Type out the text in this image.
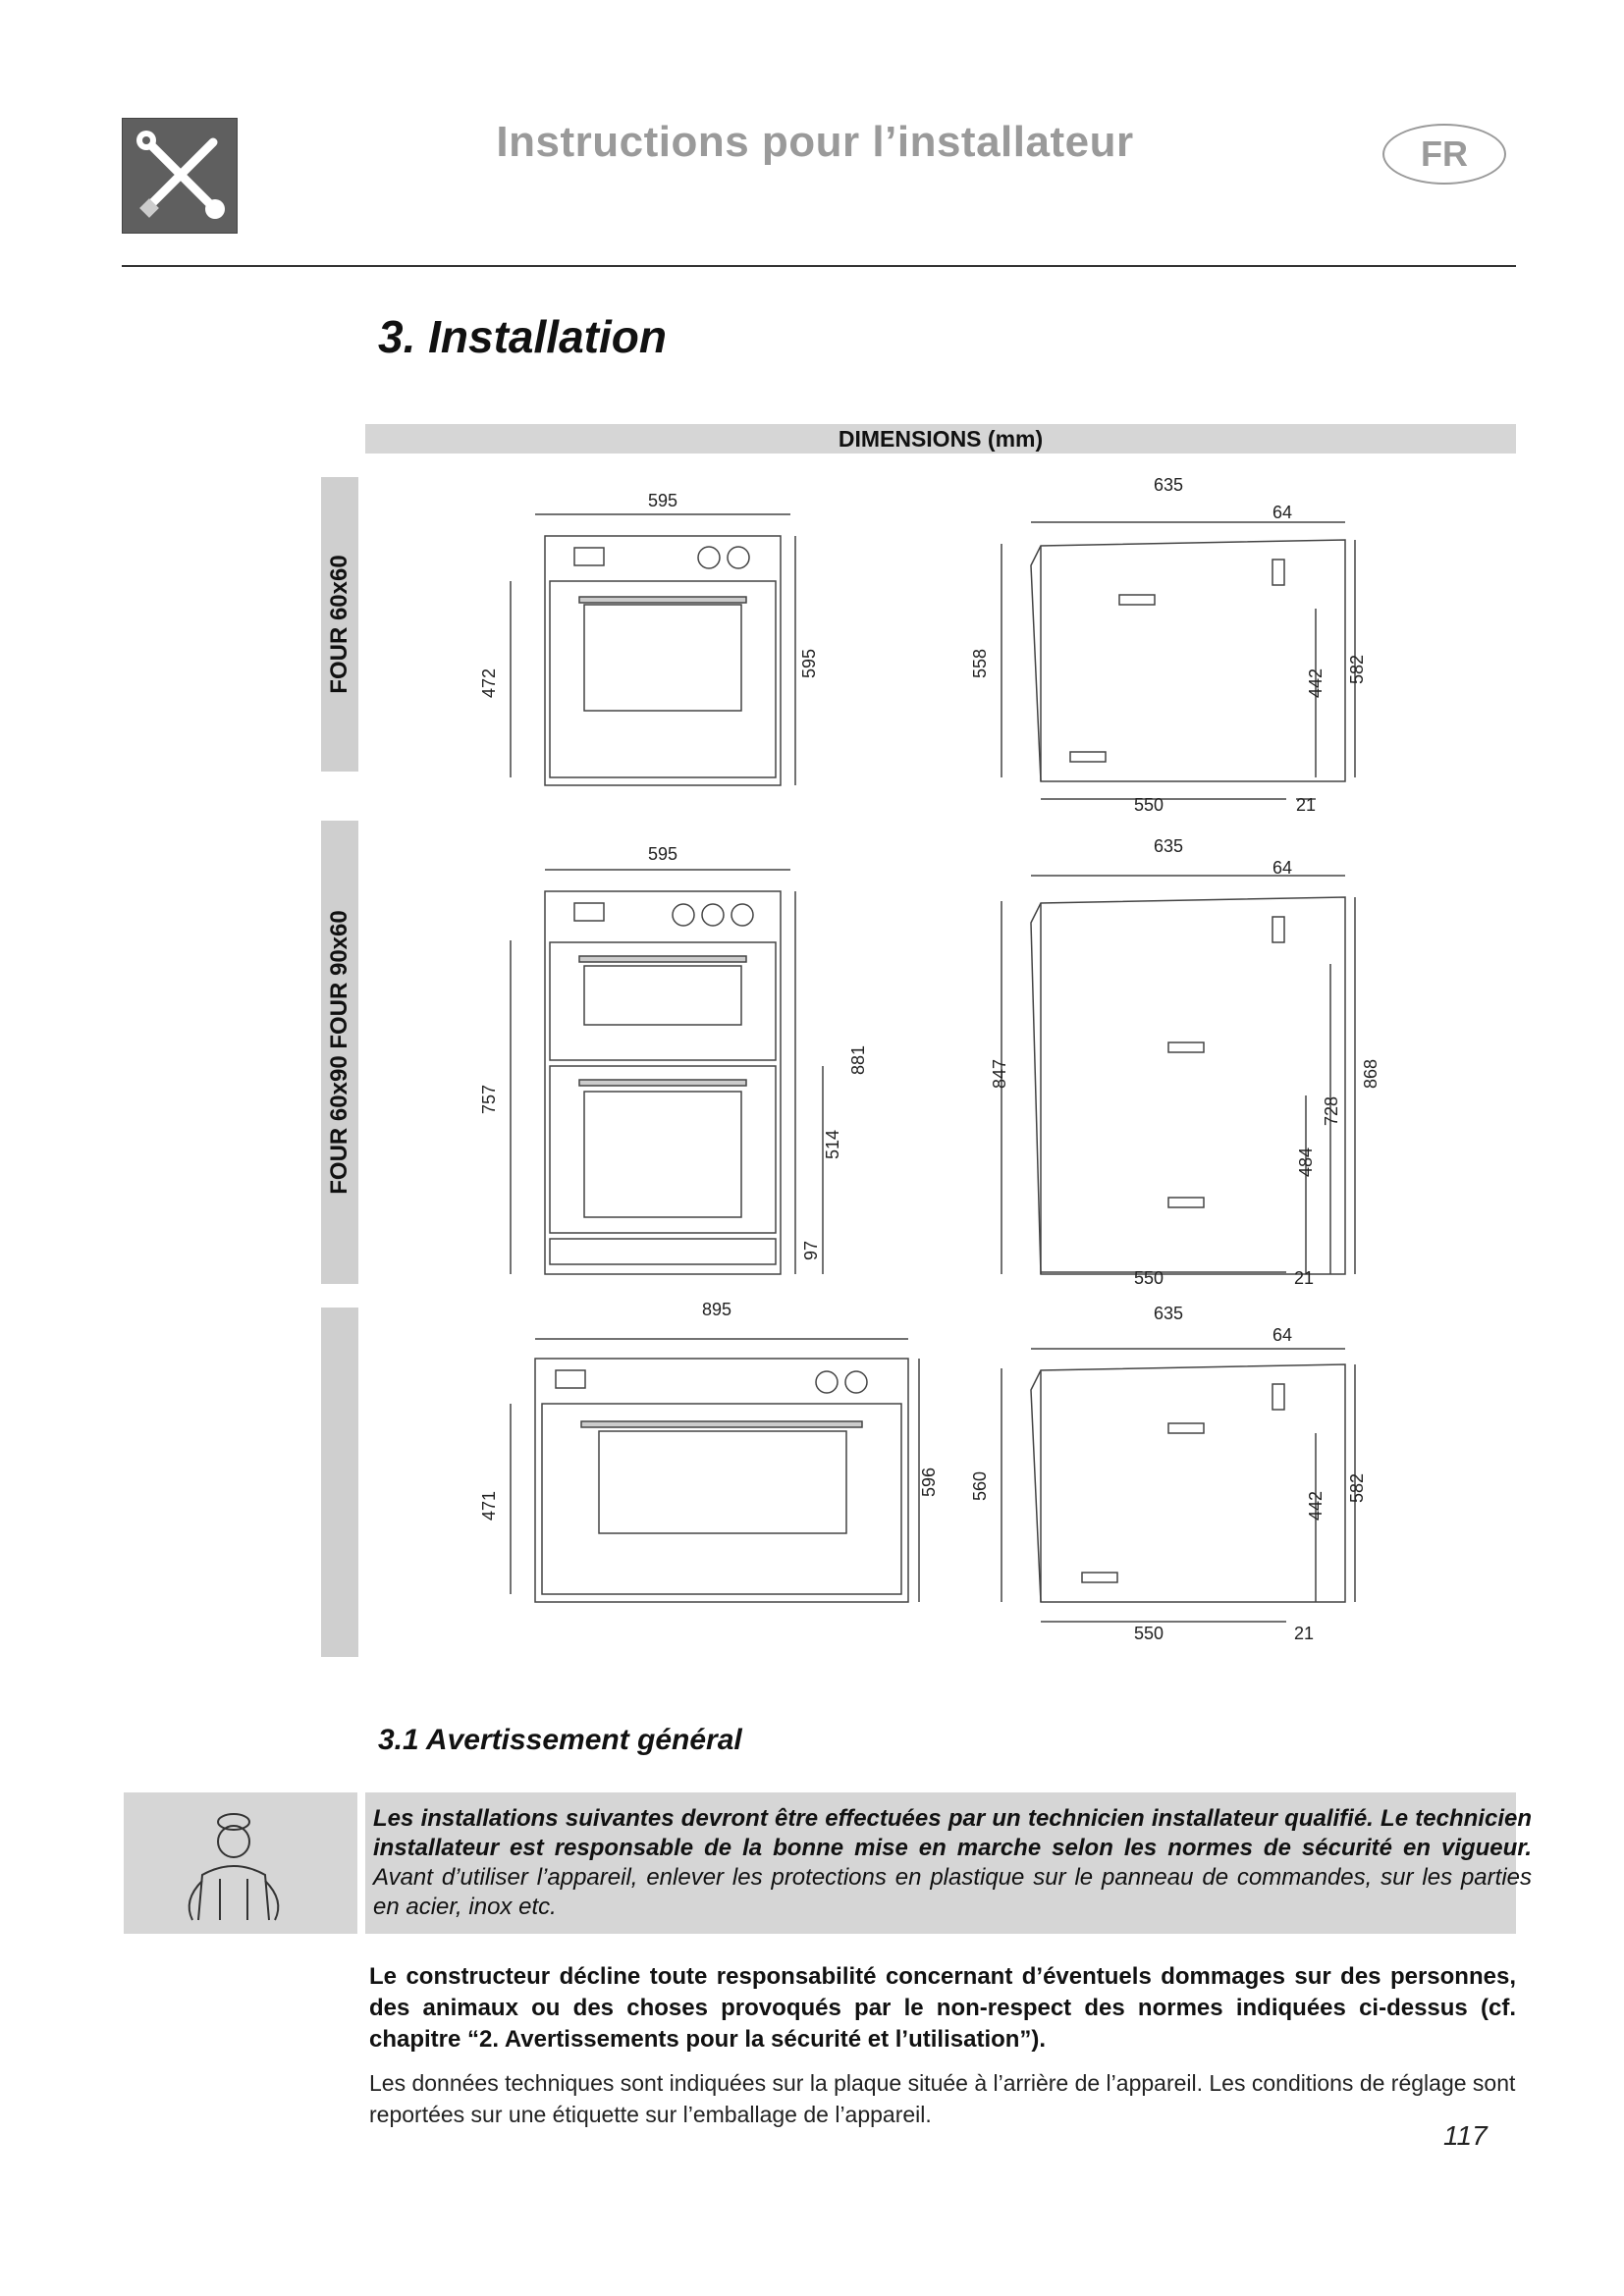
Instructions pour l’installateur	FR
3. Installation
DIMENSIONS (mm)
FOUR 60x60
FOUR 60x90 FOUR 90x60
595
472
595
635
64
558
442 582
550	21
595
757
881
514
97
635
64
847
484
728
868
550	21
895
471
596
635
64
560
442
582
550	21
3.1 Avertissement général
Les installations suivantes devront être effectuées par un technicien installateur qualifié. Le technicien installateur est responsable de la bonne mise en marche selon les normes de sécurité en vigueur. Avant d’utiliser l’appareil, enlever les protections en plastique sur le panneau de commandes, sur les parties en acier, inox etc.
Le constructeur décline toute responsabilité concernant d’éventuels dommages sur des personnes, des animaux ou des choses provoqués par le non-respect des normes indiquées ci-dessus (cf. chapitre “2. Avertissements pour la sécurité et l’utilisation”).
Les données techniques sont indiquées sur la plaque située à l’arrière de l’appareil. Les conditions de réglage sont reportées sur une étiquette sur l’emballage de l’appareil.
117
